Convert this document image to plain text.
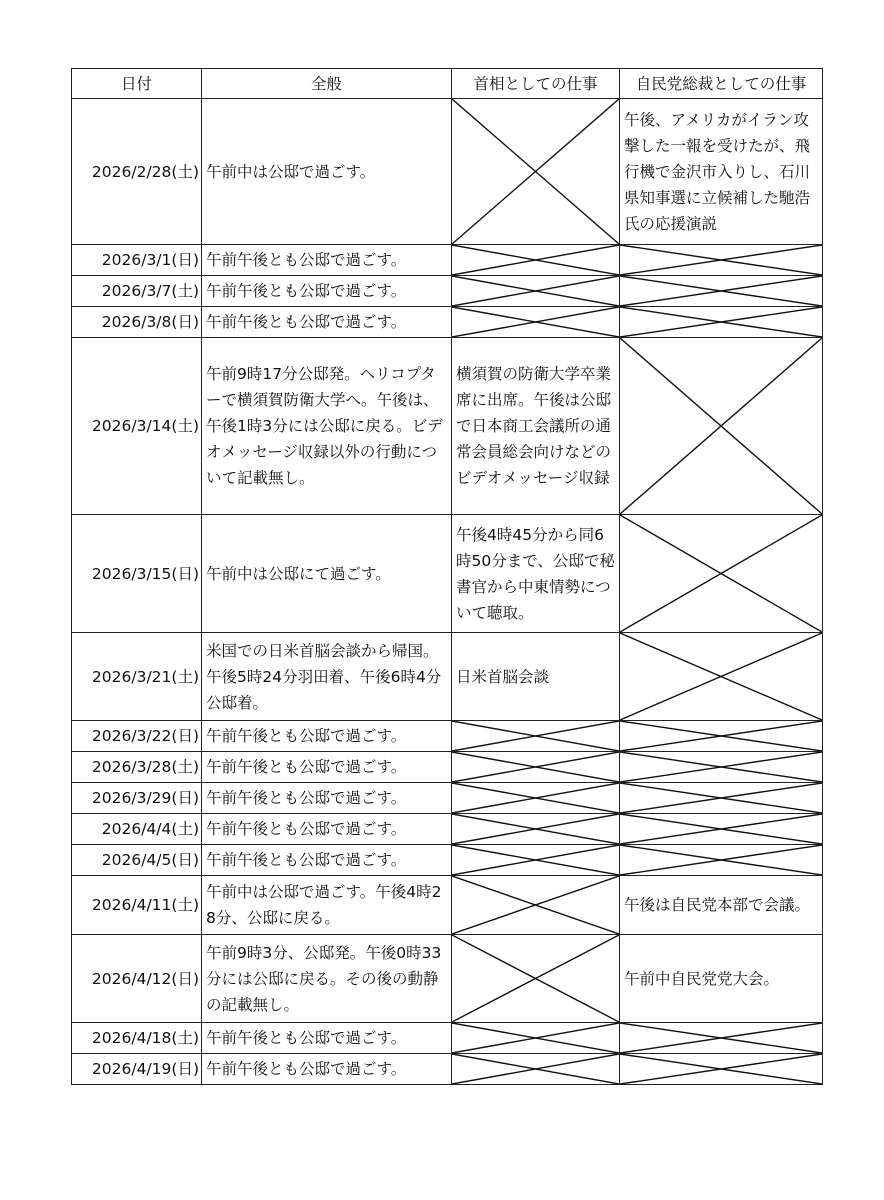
日付	全般	首相としての仕事	自民党総裁としての仕事
2026/2/28(土)	午前中は公邸で過ごす。		午後、アメリカがイラン攻撃した一報を受けたが、飛行機で金沢市入りし、石川県知事選に立候補した馳浩氏の応援演説
2026/3/1(日)	午前午後とも公邸で過ごす。	

2026/3/7(土)	午前午後とも公邸で過ごす。	

2026/3/8(日)	午前午後とも公邸で過ごす。	

2026/3/14(土)	午前9時17分公邸発。ヘリコプターで横須賀防衛大学へ。午後は、午後1時3分には公邸に戻る。ビデオメッセージ収録以外の行動について記載無し。	横須賀の防衛大学卒業席に出席。午後は公邸で日本商工会議所の通常会員総会向けなどのビデオメッセージ収録	

2026/3/15(日)	午前中は公邸にて過ごす。	午後4時45分から同6時50分まで、公邸で秘書官から中東情勢について聴取。	

2026/3/21(土)	米国での日米首脳会談から帰国。午後5時24分羽田着、午後6時4分公邸着。	日米首脳会談	

2026/3/22(日)	午前午後とも公邸で過ごす。	

2026/3/28(土)	午前午後とも公邸で過ごす。	

2026/3/29(日)	午前午後とも公邸で過ごす。	

2026/4/4(土)	午前午後とも公邸で過ごす。	

2026/4/5(日)	午前午後とも公邸で過ごす。	

2026/4/11(土)	午前中は公邸で過ごす。午後4時28分、公邸に戻る。		午後は自民党本部で会議。
2026/4/12(日)	午前9時3分、公邸発。午後0時33分には公邸に戻る。その後の動静の記載無し。		午前中自民党党大会。
2026/4/18(土)	午前午後とも公邸で過ごす。	

2026/4/19(日)	午前午後とも公邸で過ごす。	
